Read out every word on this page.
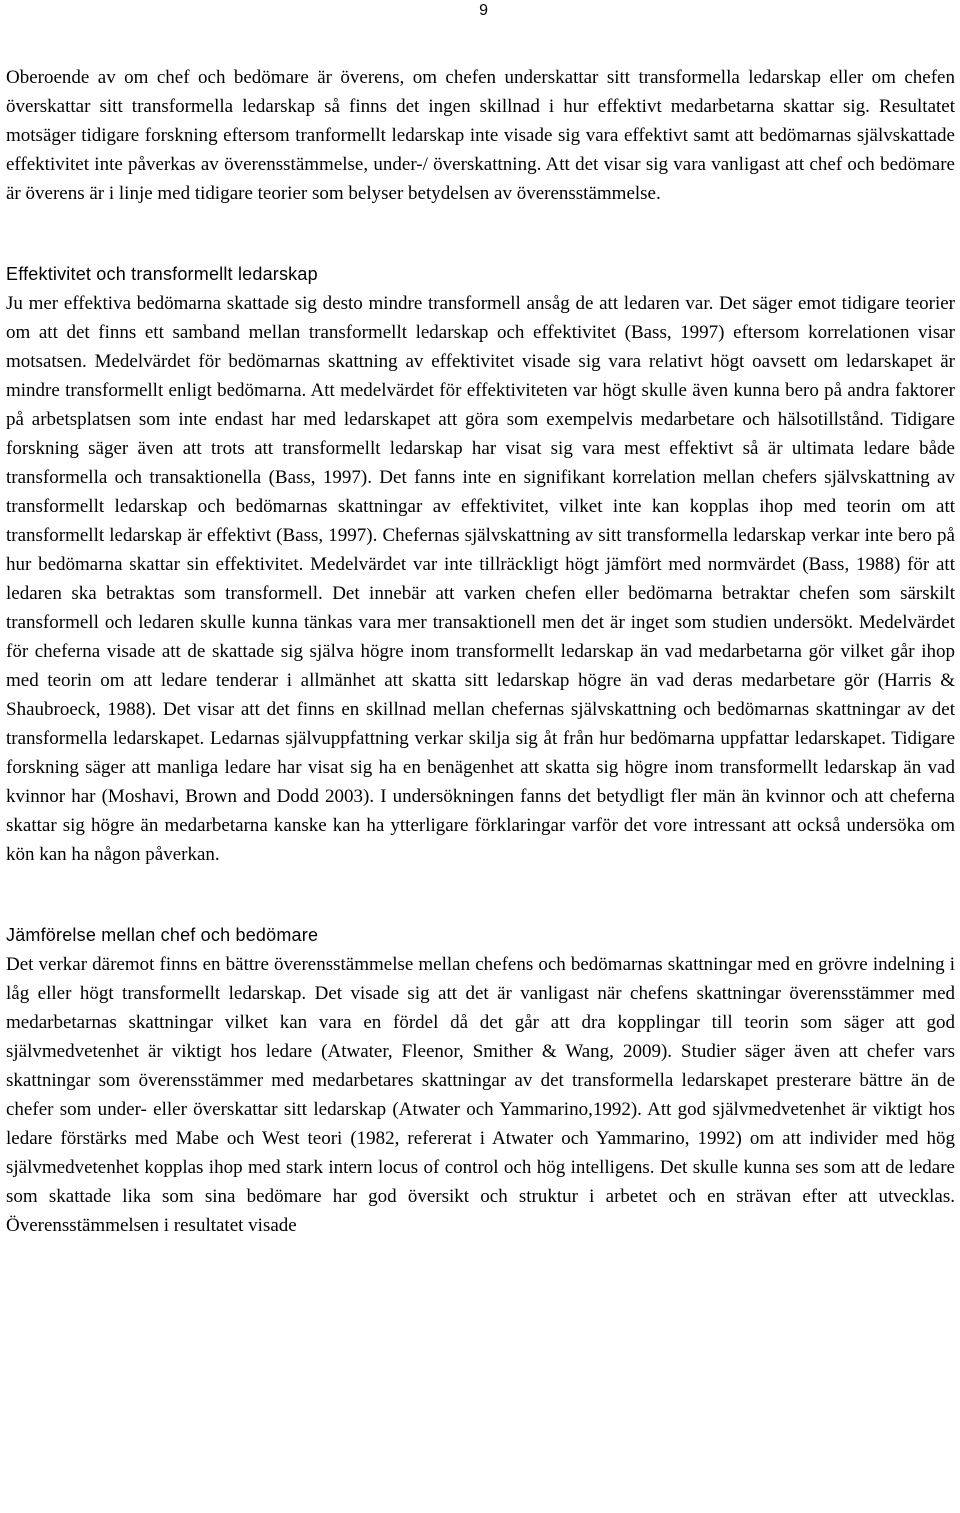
9

Oberoende av om chef och bedömare är överens, om chefen underskattar sitt transformella ledarskap eller om chefen överskattar sitt transformella ledarskap så finns det ingen skillnad i hur effektivt medarbetarna skattar sig. Resultatet motsäger tidigare forskning eftersom tranformellt ledarskap inte visade sig vara effektivt samt att bedömarnas självskattade effektivitet inte påverkas av överensstämmelse, under-/ överskattning. Att det visar sig vara vanligast att chef och bedömare är överens är i linje med tidigare teorier som belyser betydelsen av överensstämmelse.

Effektivitet och transformellt ledarskap

Ju mer effektiva bedömarna skattade sig desto mindre transformell ansåg de att ledaren var. Det säger emot tidigare teorier om att det finns ett samband mellan transformellt ledarskap och effektivitet (Bass, 1997) eftersom korrelationen visar motsatsen. Medelvärdet för bedömarnas skattning av effektivitet visade sig vara relativt högt oavsett om ledarskapet är mindre transformellt enligt bedömarna. Att medelvärdet för effektiviteten var högt skulle även kunna bero på andra faktorer på arbetsplatsen som inte endast har med ledarskapet att göra som exempelvis medarbetare och hälsotillstånd. Tidigare forskning säger även att trots att transformellt ledarskap har visat sig vara mest effektivt så är ultimata ledare både transformella och transaktionella (Bass, 1997). Det fanns inte en signifikant korrelation mellan chefers självskattning av transformellt ledarskap och bedömarnas skattningar av effektivitet, vilket inte kan kopplas ihop med teorin om att transformellt ledarskap är effektivt (Bass, 1997). Chefernas självskattning av sitt transformella ledarskap verkar inte bero på hur bedömarna skattar sin effektivitet. Medelvärdet var inte tillräckligt högt jämfört med normvärdet (Bass, 1988) för att ledaren ska betraktas som transformell. Det innebär att varken chefen eller bedömarna betraktar chefen som särskilt transformell och ledaren skulle kunna tänkas vara mer transaktionell men det är inget som studien undersökt. Medelvärdet för cheferna visade att de skattade sig själva högre inom transformellt ledarskap än vad medarbetarna gör vilket går ihop med teorin om att ledare tenderar i allmänhet att skatta sitt ledarskap högre än vad deras medarbetare gör (Harris & Shaubroeck, 1988). Det visar att det finns en skillnad mellan chefernas självskattning och bedömarnas skattningar av det transformella ledarskapet. Ledarnas självuppfattning verkar skilja sig åt från hur bedömarna uppfattar ledarskapet. Tidigare forskning säger att manliga ledare har visat sig ha en benägenhet att skatta sig högre inom transformellt ledarskap än vad kvinnor har (Moshavi, Brown and Dodd 2003). I undersökningen fanns det betydligt fler män än kvinnor och att cheferna skattar sig högre än medarbetarna kanske kan ha ytterligare förklaringar varför det vore intressant att också undersöka om kön kan ha någon påverkan.

Jämförelse mellan chef och bedömare

Det verkar däremot finns en bättre överensstämmelse mellan chefens och bedömarnas skattningar med en grövre indelning i låg eller högt transformellt ledarskap. Det visade sig att det är vanligast när chefens skattningar överensstämmer med medarbetarnas skattningar vilket kan vara en fördel då det går att dra kopplingar till teorin som säger att god självmedvetenhet är viktigt hos ledare (Atwater, Fleenor, Smither & Wang, 2009). Studier säger även att chefer vars skattningar som överensstämmer med medarbetares skattningar av det transformella ledarskapet presterare bättre än de chefer som under- eller överskattar sitt ledarskap (Atwater och Yammarino,1992). Att god självmedvetenhet är viktigt hos ledare förstärks med Mabe och West teori (1982, refererat i Atwater och Yammarino, 1992) om att individer med hög självmedvetenhet kopplas ihop med stark intern locus of control och hög intelligens. Det skulle kunna ses som att de ledare som skattade lika som sina bedömare har god översikt och struktur i arbetet och en strävan efter att utvecklas. Överensstämmelsen i resultatet visade
